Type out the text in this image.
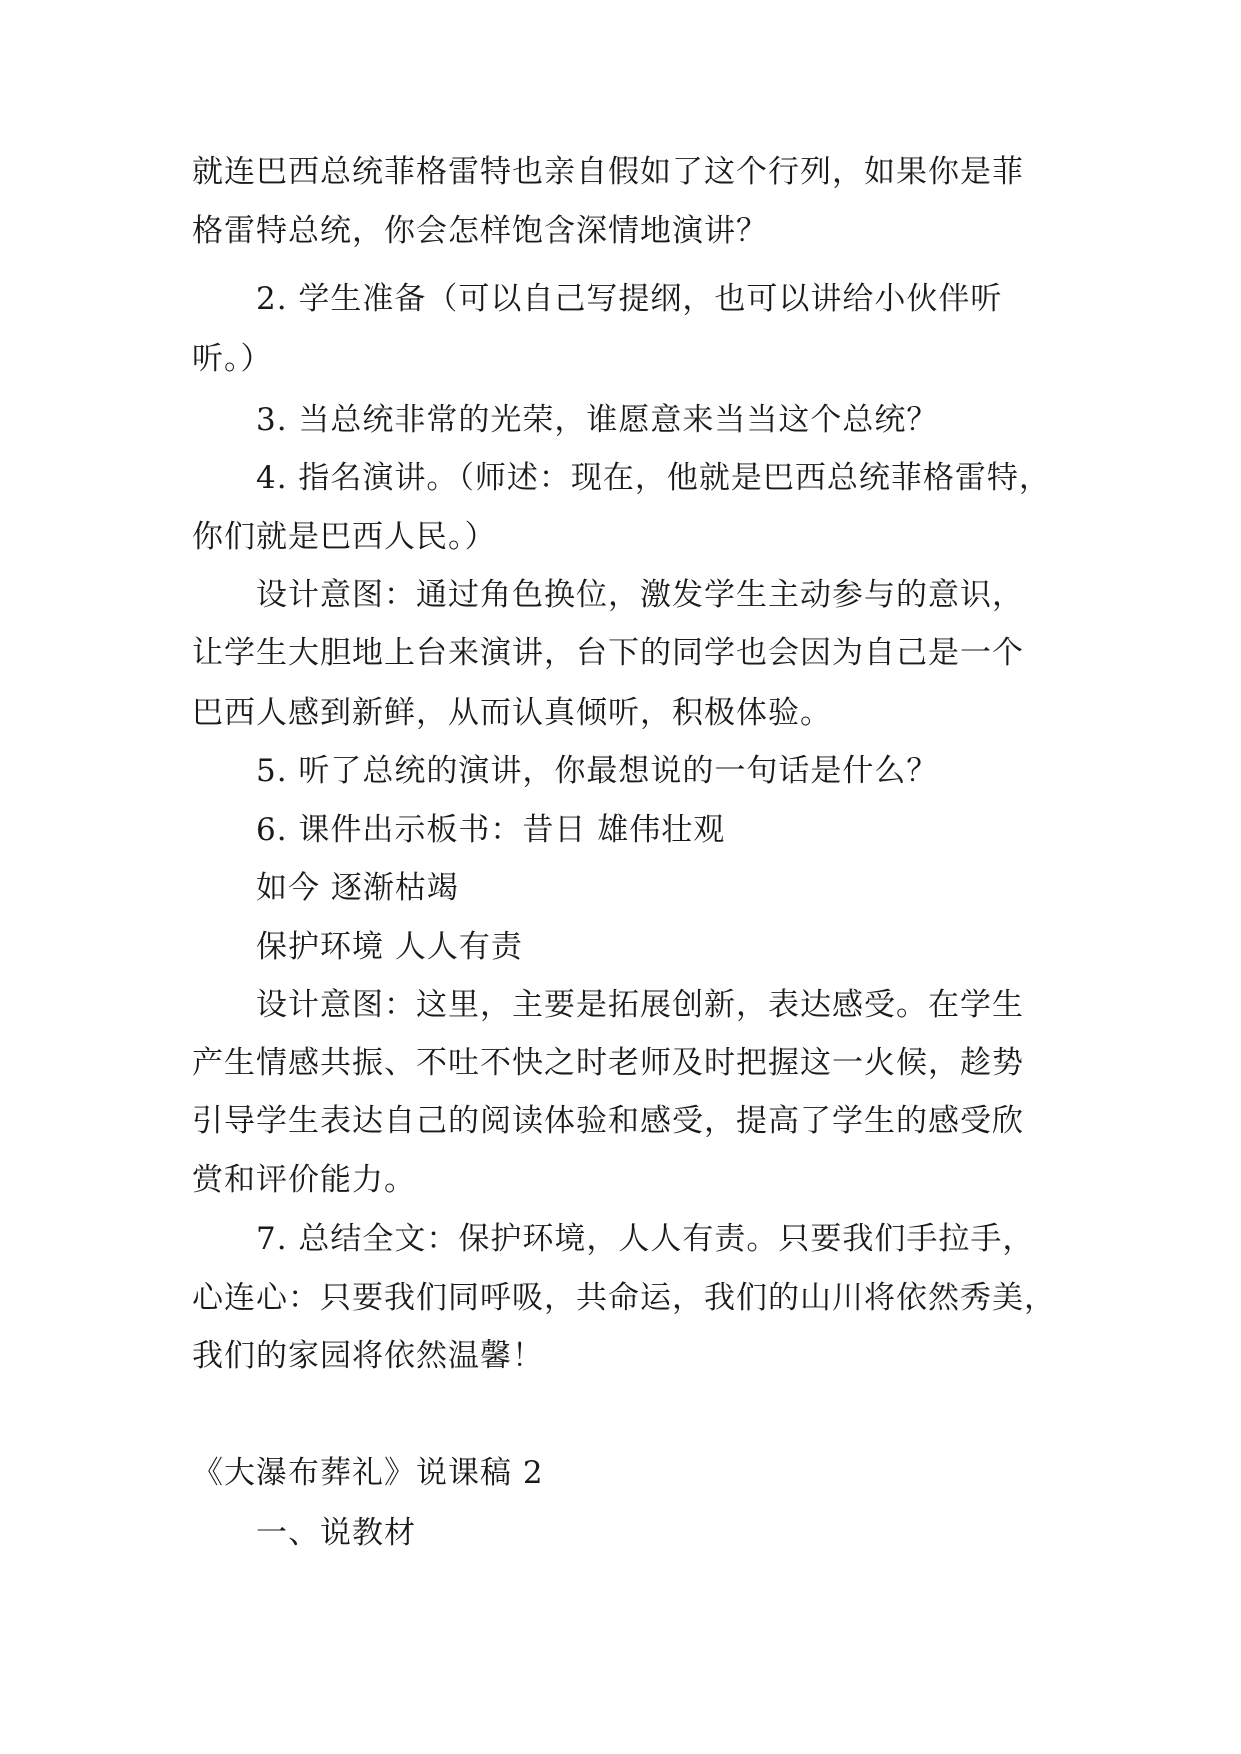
就连巴西总统菲格雷特也亲自假如了这个行列，如果你是菲
格雷特总统，你会怎样饱含深情地演讲？
2. 学生准备（可以自己写提纲，也可以讲给小伙伴听
听。）
3. 当总统非常的光荣，谁愿意来当当这个总统？
4. 指名演讲。（师述：现在，他就是巴西总统菲格雷特，
你们就是巴西人民。）
设计意图：通过角色换位，激发学生主动参与的意识，
让学生大胆地上台来演讲，台下的同学也会因为自己是一个
巴西人感到新鲜，从而认真倾听，积极体验。
5. 听了总统的演讲，你最想说的一句话是什么？
6. 课件出示板书：昔日 雄伟壮观
如今 逐渐枯竭
保护环境 人人有责
设计意图：这里，主要是拓展创新，表达感受。在学生
产生情感共振、不吐不快之时老师及时把握这一火候，趁势
引导学生表达自己的阅读体验和感受，提高了学生的感受欣
赏和评价能力。
7. 总结全文：保护环境，人人有责。只要我们手拉手，
心连心：只要我们同呼吸，共命运，我们的山川将依然秀美，
我们的家园将依然温馨！
《大瀑布葬礼》说课稿 2
一、说教材
